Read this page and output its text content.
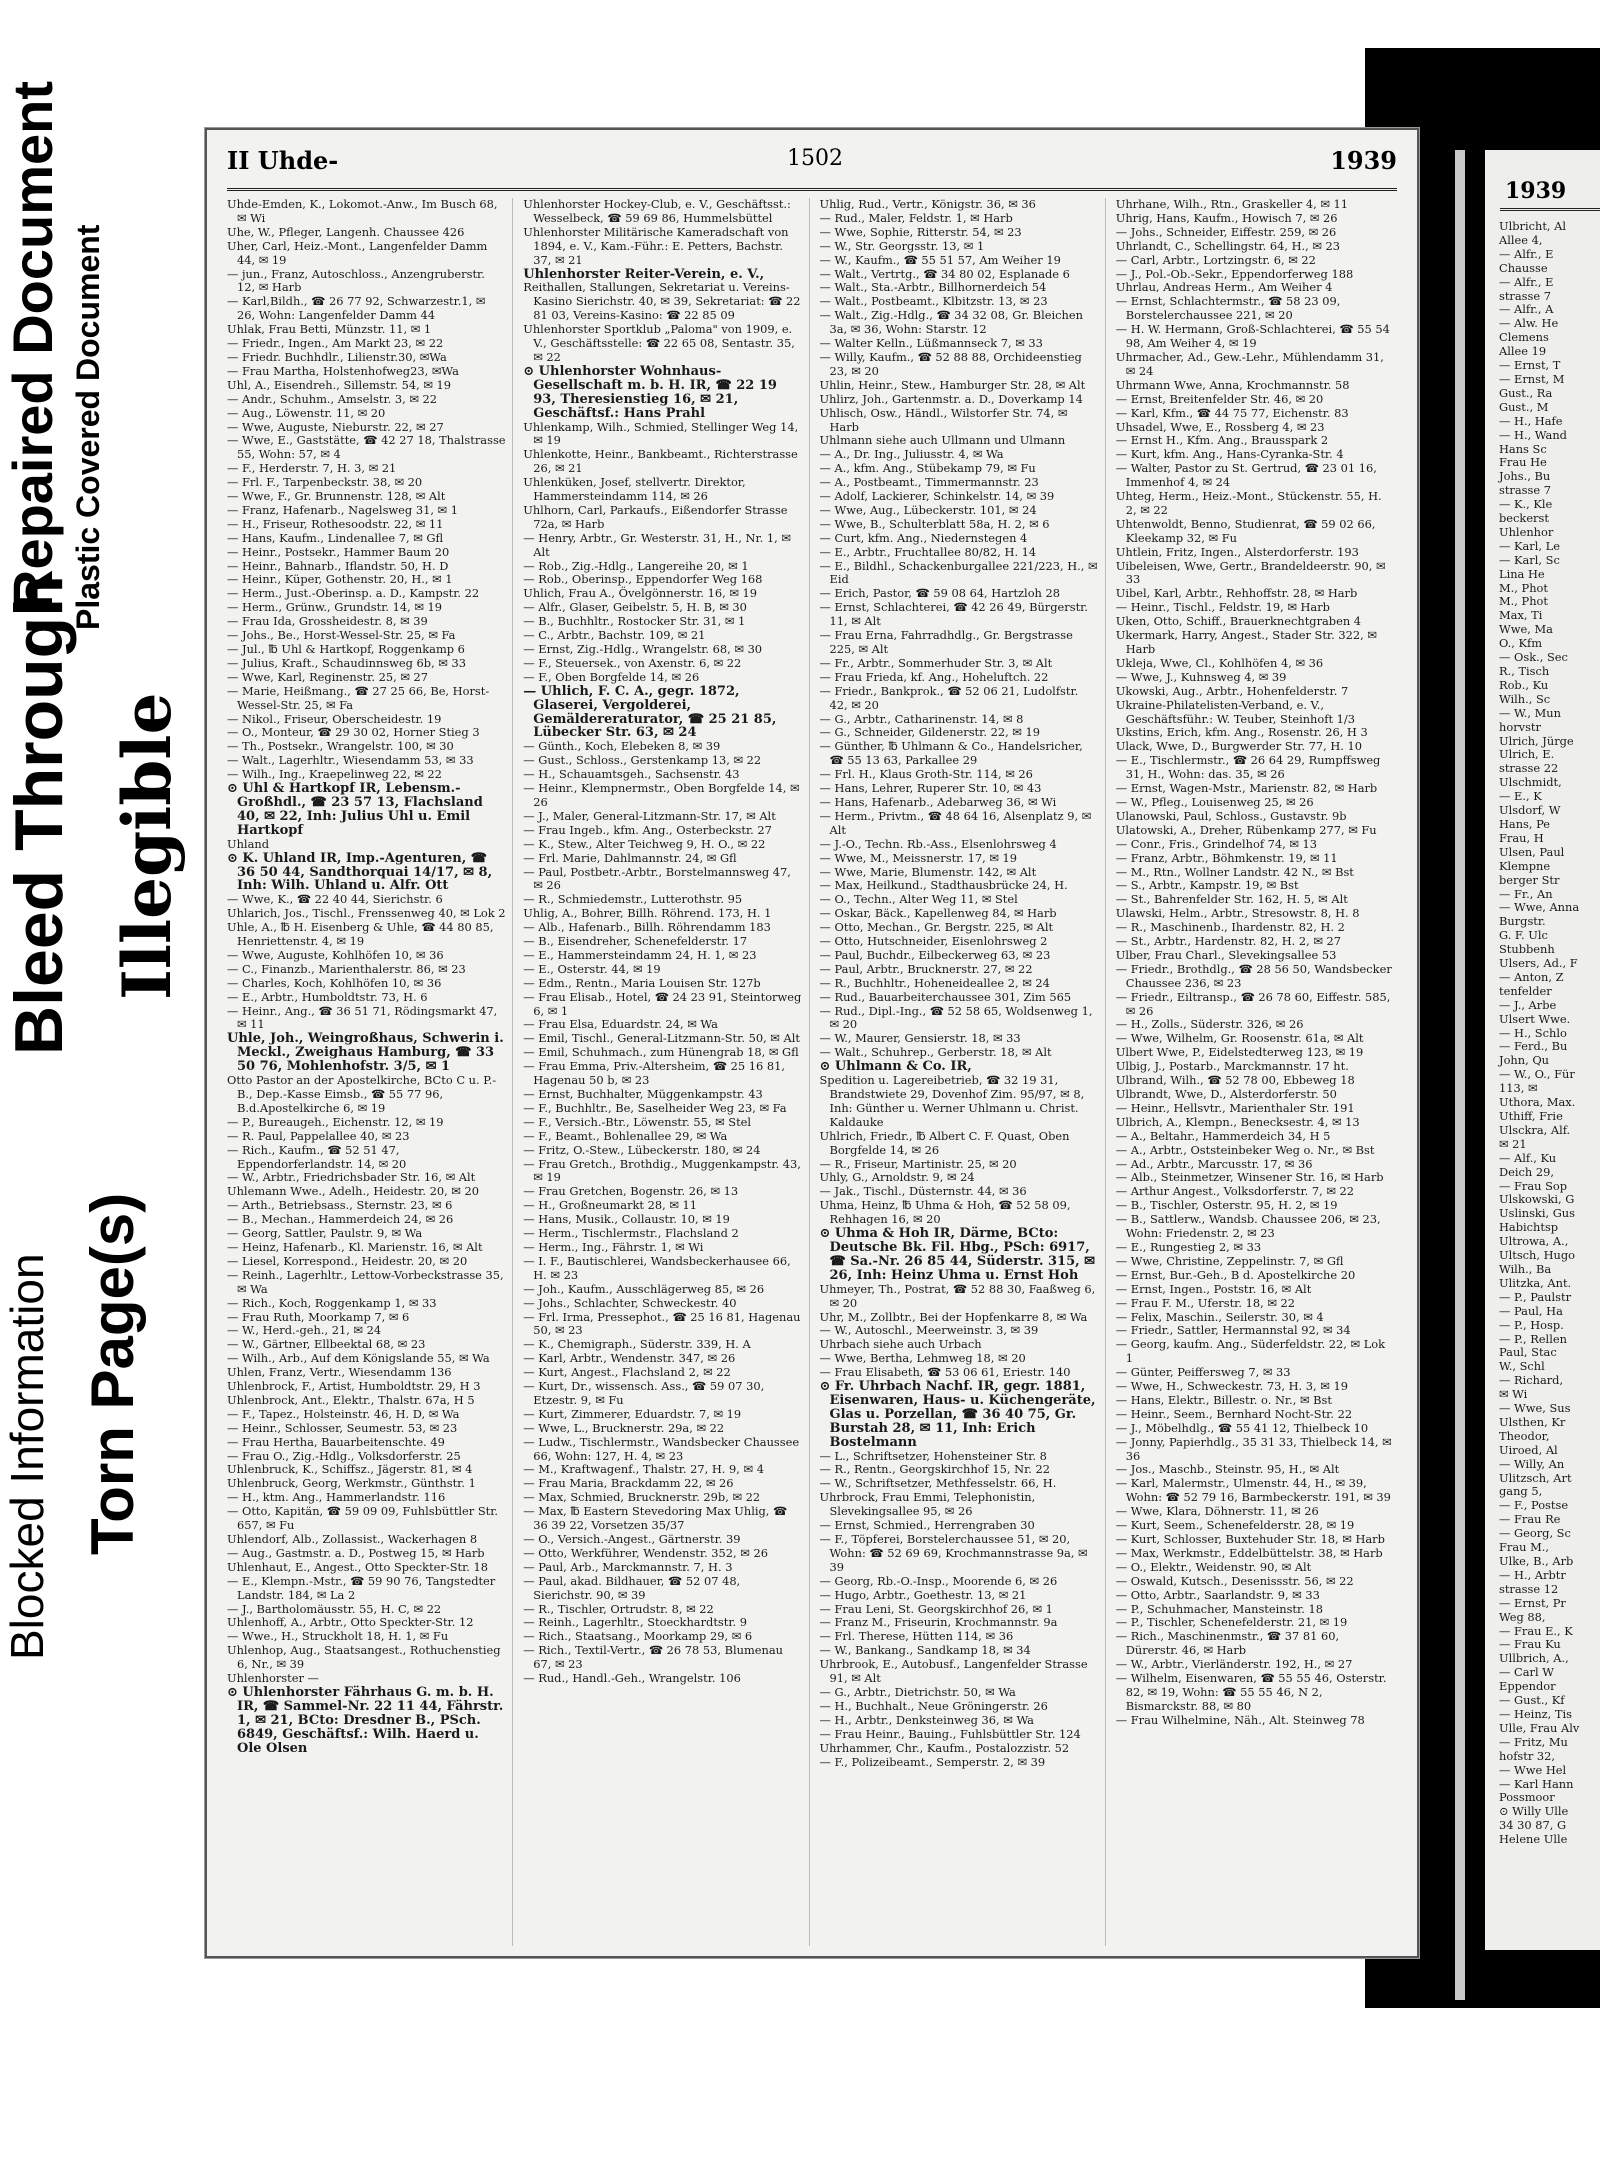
Blocked Information Torn Page(s)
Bleed Through Illegible
Repaired Document Plastic Covered Document
II Uhde-	1502	1939
Uhde-Emden, K., Lokomot.-Anw., Im Busch 68, ✉ Wi
Uhe, W., Pfleger, Langenh. Chaussee 426
Uher, Carl, Heiz.-Mont., Langenfelder Damm 44, ✉ 19
— jun., Franz, Autoschloss., Anzengruberstr. 12, ✉ Harb
— Karl,Bildh., ☎ 26 77 92, Schwarzestr.1, ✉ 26, Wohn: Langenfelder Damm 44
Uhlak, Frau Betti, Münzstr. 11, ✉ 1
— Friedr., Ingen., Am Markt 23, ✉ 22
— Friedr. Buchhdlr., Lilienstr.30, ✉Wa
— Frau Martha, Holstenhofweg23, ✉Wa
Uhl, A., Eisendreh., Sillemstr. 54, ✉ 19
— Andr., Schuhm., Amselstr. 3, ✉ 22
— Aug., Löwenstr. 11, ✉ 20
— Wwe, Auguste, Nieburstr. 22, ✉ 27
— Wwe, E., Gaststätte, ☎ 42 27 18, Thalstrasse 55, Wohn: 57, ✉ 4
— F., Herderstr. 7, H. 3, ✉ 21
— Frl. F., Tarpenbeckstr. 38, ✉ 20
— Wwe, F., Gr. Brunnenstr. 128, ✉ Alt
— Franz, Hafenarb., Nagelsweg 31, ✉ 1
— H., Friseur, Rothesoodstr. 22, ✉ 11
— Hans, Kaufm., Lindenallee 7, ✉ Gfl
— Heinr., Postsekr., Hammer Baum 20
— Heinr., Bahnarb., Iflandstr. 50, H. D
— Heinr., Küper, Gothenstr. 20, H., ✉ 1
— Herm., Just.-Oberinsp. a. D., Kampstr. 22
— Herm., Grünw., Grundstr. 14, ✉ 19
— Frau Ida, Grossheidestr. 8, ✉ 39
— Johs., Be., Horst-Wessel-Str. 25, ✉ Fa
— Jul., ℔ Uhl & Hartkopf, Roggenkamp 6
— Julius, Kraft., Schaudinnsweg 6b, ✉ 33
— Wwe, Karl, Reginenstr. 25, ✉ 27
— Marie, Heißmang., ☎ 27 25 66, Be, Horst-Wessel-Str. 25, ✉ Fa
— Nikol., Friseur, Oberscheidestr. 19
— O., Monteur, ☎ 29 30 02, Horner Stieg 3
— Th., Postsekr., Wrangelstr. 100, ✉ 30
— Walt., Lagerhltr., Wiesendamm 53, ✉ 33
— Wilh., Ing., Kraepelinweg 22, ✉ 22
⊙ Uhl & Hartkopf IR, Lebensm.-Großhdl., ☎ 23 57 13, Flachsland 40, ✉ 22, Inh: Julius Uhl u. Emil Hartkopf
Uhland
⊙ K. Uhland IR, Imp.-Agenturen, ☎ 36 50 44, Sandthorquai 14/17, ✉ 8, Inh: Wilh. Uhland u. Alfr. Ott
— Wwe, K., ☎ 22 40 44, Sierichstr. 6
Uhlarich, Jos., Tischl., Frenssenweg 40, ✉ Lok 2
Uhle, A., ℔ H. Eisenberg & Uhle, ☎ 44 80 85, Henriettenstr. 4, ✉ 19
— Wwe, Auguste, Kohlhöfen 10, ✉ 36
— C., Finanzb., Marienthalerstr. 86, ✉ 23
— Charles, Koch, Kohlhöfen 10, ✉ 36
— E., Arbtr., Humboldtstr. 73, H. 6
— Heinr., Ang., ☎ 36 51 71, Rödingsmarkt 47, ✉ 11
Uhle, Joh., Weingroßhaus, Schwerin i. Meckl., Zweighaus Hamburg, ☎ 33 50 76, Mohlenhofstr. 3/5, ✉ 1
Otto Pastor an der Apostelkirche, BCto C u. P.-B., Dep.-Kasse Eimsb., ☎ 55 77 96, B.d.Apostelkirche 6, ✉ 19
— P., Bureaugeh., Eichenstr. 12, ✉ 19
— R. Paul, Pappelallee 40, ✉ 23
— Rich., Kaufm., ☎ 52 51 47, Eppendorferlandstr. 14, ✉ 20
— W., Arbtr., Friedrichsbader Str. 16, ✉ Alt
Uhlemann Wwe., Adelh., Heidestr. 20, ✉ 20
— Arth., Betriebsass., Sternstr. 23, ✉ 6
— B., Mechan., Hammerdeich 24, ✉ 26
— Georg, Sattler, Paulstr. 9, ✉ Wa
— Heinz, Hafenarb., Kl. Marienstr. 16, ✉ Alt
— Liesel, Korrespond., Heidestr. 20, ✉ 20
— Reinh., Lagerhltr., Lettow-Vorbeckstrasse 35, ✉ Wa
— Rich., Koch, Roggenkamp 1, ✉ 33
— Frau Ruth, Moorkamp 7, ✉ 6
— W., Herd.-geh., 21, ✉ 24
— W., Gärtner, Ellbeektal 68, ✉ 23
— Wilh., Arb., Auf dem Königslande 55, ✉ Wa
Uhlen, Franz, Vertr., Wiesendamm 136
Uhlenbrock, F., Artist, Humboldtstr. 29, H 3
Uhlenbrock, Ant., Elektr., Thalstr. 67a, H 5
— F., Tapez., Holsteinstr. 46, H. D, ✉ Wa
— Heinr., Schlosser, Seumestr. 53, ✉ 23
— Frau Hertha, Bauarbeitenschte. 49
— Frau O., Zig.-Hdlg., Volksdorferstr. 25
Uhlenbruck, K., Schiffsz., Jägerstr. 81, ✉ 4
Uhlenbruck, Georg, Werkmstr., Günthstr. 1
— H., ktm. Ang., Hammerlandstr. 116
— Otto, Kapitän, ☎ 59 09 09, Fuhlsbüttler Str. 657, ✉ Fu
Uhlendorf, Alb., Zollassist., Wackerhagen 8
— Aug., Gastmstr. a. D., Postweg 15, ✉ Harb
Uhlenhaut, E., Angest., Otto Speckter-Str. 18
— E., Klempn.-Mstr., ☎ 59 90 76, Tangstedter Landstr. 184, ✉ La 2
— J., Bartholomäusstr. 55, H. C, ✉ 22
Uhlenhoff, A., Arbtr., Otto Speckter-Str. 12
— Wwe., H., Struckholt 18, H. 1, ✉ Fu
Uhlenhop, Aug., Staatsangest., Rothuchenstieg 6, Nr., ✉ 39
Uhlenhorster —
⊙ Uhlenhorster Fährhaus G. m. b. H. IR, ☎ Sammel-Nr. 22 11 44, Fährstr. 1, ✉ 21, BCto: Dresdner B., PSch. 6849, Geschäftsf.: Wilh. Haerd u. Ole Olsen
Uhlenhorster Hockey-Club, e. V., Geschäftsst.: Wesselbeck, ☎ 59 69 86, Hummelsbüttel
Uhlenhorster Militärische Kameradschaft von 1894, e. V., Kam.-Führ.: E. Petters, Bachstr. 37, ✉ 21
Uhlenhorster Reiter-Verein, e. V.,
Reithallen, Stallungen, Sekretariat u. Vereins-Kasino Sierichstr. 40, ✉ 39, Sekretariat: ☎ 22 81 03, Vereins-Kasino: ☎ 22 85 09
Uhlenhorster Sportklub „Paloma" von 1909, e. V., Geschäftsstelle: ☎ 22 65 08, Sentastr. 35, ✉ 22
⊙ Uhlenhorster Wohnhaus-Gesellschaft m. b. H. IR, ☎ 22 19 93, Theresienstieg 16, ✉ 21, Geschäftsf.: Hans Prahl
Uhlenkamp, Wilh., Schmied, Stellinger Weg 14, ✉ 19
Uhlenkotte, Heinr., Bankbeamt., Richterstrasse 26, ✉ 21
Uhlenküken, Josef, stellvertr. Direktor, Hammersteindamm 114, ✉ 26
Uhlhorn, Carl, Parkaufs., Eißendorfer Strasse 72a, ✉ Harb
— Henry, Arbtr., Gr. Westerstr. 31, H., Nr. 1, ✉ Alt
— Rob., Zig.-Hdlg., Langereihe 20, ✉ 1
— Rob., Oberinsp., Eppendorfer Weg 168
Uhlich, Frau A., Övelgönnerstr. 16, ✉ 19
— Alfr., Glaser, Geibelstr. 5, H. B, ✉ 30
— B., Buchhltr., Rostocker Str. 31, ✉ 1
— C., Arbtr., Bachstr. 109, ✉ 21
— Ernst, Zig.-Hdlg., Wrangelstr. 68, ✉ 30
— F., Steuersek., von Axenstr. 6, ✉ 22
— F., Oben Borgfelde 14, ✉ 26
— Uhlich, F. C. A., gegr. 1872, Glaserei, Vergolderei, Gemäldereraturator, ☎ 25 21 85, Lübecker Str. 63, ✉ 24
— Günth., Koch, Elebeken 8, ✉ 39
— Gust., Schloss., Gerstenkamp 13, ✉ 22
— H., Schauamtsgeh., Sachsenstr. 43
— Heinr., Klempnermstr., Oben Borgfelde 14, ✉ 26
— J., Maler, General-Litzmann-Str. 17, ✉ Alt
— Frau Ingeb., kfm. Ang., Osterbeckstr. 27
— K., Stew., Alter Teichweg 9, H. O., ✉ 22
— Frl. Marie, Dahlmannstr. 24, ✉ Gfl
— Paul, Postbetr.-Arbtr., Borstelmannsweg 47, ✉ 26
— R., Schmiedemstr., Lutterothstr. 95
Uhlig, A., Bohrer, Billh. Röhrend. 173, H. 1
— Alb., Hafenarb., Billh. Röhrendamm 183
— B., Eisendreher, Schenefelderstr. 17
— E., Hammersteindamm 24, H. 1, ✉ 23
— E., Osterstr. 44, ✉ 19
— Edm., Rentn., Maria Louisen Str. 127b
— Frau Elisab., Hotel, ☎ 24 23 91, Steintorweg 6, ✉ 1
— Frau Elsa, Eduardstr. 24, ✉ Wa
— Emil, Tischl., General-Litzmann-Str. 50, ✉ Alt
— Emil, Schuhmach., zum Hünengrab 18, ✉ Gfl
— Frau Emma, Priv.-Altersheim, ☎ 25 16 81, Hagenau 50 b, ✉ 23
— Ernst, Buchhalter, Müggenkampstr. 43
— F., Buchhltr., Be, Saselheider Weg 23, ✉ Fa
— F., Versich.-Btr., Löwenstr. 55, ✉ Stel
— F., Beamt., Bohlenallee 29, ✉ Wa
— Fritz, O.-Stew., Lübeckerstr. 180, ✉ 24
— Frau Gretch., Brothdig., Muggenkampstr. 43, ✉ 19
— Frau Gretchen, Bogenstr. 26, ✉ 13
— H., Großneumarkt 28, ✉ 11
— Hans, Musik., Collaustr. 10, ✉ 19
— Herm., Tischlermstr., Flachsland 2
— Herm., Ing., Fährstr. 1, ✉ Wi
— I. F., Bautischlerei, Wandsbeckerhausee 66, H. ✉ 23
— Joh., Kaufm., Ausschlägerweg 85, ✉ 26
— Johs., Schlachter, Schweckestr. 40
— Frl. Irma, Pressephot., ☎ 25 16 81, Hagenau 50, ✉ 23
— K., Chemigraph., Süderstr. 339, H. A
— Karl, Arbtr., Wendenstr. 347, ✉ 26
— Kurt, Angest., Flachsland 2, ✉ 22
— Kurt, Dr., wissensch. Ass., ☎ 59 07 30, Etzestr. 9, ✉ Fu
— Kurt, Zimmerer, Eduardstr. 7, ✉ 19
— Wwe, L., Brucknerstr. 29a, ✉ 22
— Ludw., Tischlermstr., Wandsbecker Chaussee 66, Wohn: 127, H. 4, ✉ 23
— M., Kraftwagenf., Thalstr. 27, H. 9, ✉ 4
— Frau Maria, Brackdamm 22, ✉ 26
— Max, Schmied, Brucknerstr. 29b, ✉ 22
— Max, ℔ Eastern Stevedoring Max Uhlig, ☎ 36 39 22, Vorsetzen 35/37
— O., Versich.-Angest., Gärtnerstr. 39
— Otto, Werkführer, Wendenstr. 352, ✉ 26
— Paul, Arb., Marckmannstr. 7, H. 3
— Paul, akad. Bildhauer, ☎ 52 07 48, Sierichstr. 90, ✉ 39
— R., Tischler, Ortrudstr. 8, ✉ 22
— Reinh., Lagerhltr., Stoeckhardtstr. 9
— Rich., Staatsang., Moorkamp 29, ✉ 6
— Rich., Textil-Vertr., ☎ 26 78 53, Blumenau 67, ✉ 23
— Rud., Handl.-Geh., Wrangelstr. 106
Uhlig, Rud., Vertr., Königstr. 36, ✉ 36
— Rud., Maler, Feldstr. 1, ✉ Harb
— Wwe, Sophie, Ritterstr. 54, ✉ 23
— W., Str. Georgsstr. 13, ✉ 1
— W., Kaufm., ☎ 55 51 57, Am Weiher 19
— Walt., Vertrtg., ☎ 34 80 02, Esplanade 6
— Walt., Sta.-Arbtr., Billhornerdeich 54
— Walt., Postbeamt., Klbitzstr. 13, ✉ 23
— Walt., Zig.-Hdlg., ☎ 34 32 08, Gr. Bleichen 3a, ✉ 36, Wohn: Starstr. 12
— Walter Kelln., Lüßmannseck 7, ✉ 33
— Willy, Kaufm., ☎ 52 88 88, Orchideenstieg 23, ✉ 20
Uhlin, Heinr., Stew., Hamburger Str. 28, ✉ Alt
Uhlirz, Joh., Gartenmstr. a. D., Doverkamp 14
Uhlisch, Osw., Händl., Wilstorfer Str. 74, ✉ Harb
Uhlmann siehe auch Ullmann und Ulmann
— A., Dr. Ing., Juliusstr. 4, ✉ Wa
— A., kfm. Ang., Stübekamp 79, ✉ Fu
— A., Postbeamt., Timmermannstr. 23
— Adolf, Lackierer, Schinkelstr. 14, ✉ 39
— Wwe, Aug., Lübeckerstr. 101, ✉ 24
— Wwe, B., Schulterblatt 58a, H. 2, ✉ 6
— Curt, kfm. Ang., Niedernstegen 4
— E., Arbtr., Fruchtallee 80/82, H. 14
— E., Bildhl., Schackenburgallee 221/223, H., ✉ Eid
— Erich, Pastor, ☎ 59 08 64, Hartzloh 28
— Ernst, Schlachterei, ☎ 42 26 49, Bürgerstr. 11, ✉ Alt
— Frau Erna, Fahrradhdlg., Gr. Bergstrasse 225, ✉ Alt
— Fr., Arbtr., Sommerhuder Str. 3, ✉ Alt
— Frau Frieda, kf. Ang., Hoheluftch. 22
— Friedr., Bankprok., ☎ 52 06 21, Ludolfstr. 42, ✉ 20
— G., Arbtr., Catharinenstr. 14, ✉ 8
— G., Schneider, Gildenerstr. 22, ✉ 19
— Günther, ℔ Uhlmann & Co., Handelsricher, ☎ 55 13 63, Parkallee 29
— Frl. H., Klaus Groth-Str. 114, ✉ 26
— Hans, Lehrer, Ruperer Str. 10, ✉ 43
— Hans, Hafenarb., Adebarweg 36, ✉ Wi
— Herm., Privtm., ☎ 48 64 16, Alsenplatz 9, ✉ Alt
— J.-O., Techn. Rb.-Ass., Elsenlohrsweg 4
— Wwe, M., Meissnerstr. 17, ✉ 19
— Wwe, Marie, Blumenstr. 142, ✉ Alt
— Max, Heilkund., Stadthausbrücke 24, H.
— O., Techn., Alter Weg 11, ✉ Stel
— Oskar, Bäck., Kapellenweg 84, ✉ Harb
— Otto, Mechan., Gr. Bergstr. 225, ✉ Alt
— Otto, Hutschneider, Eisenlohrsweg 2
— Paul, Buchdr., Eilbeckerweg 63, ✉ 23
— Paul, Arbtr., Brucknerstr. 27, ✉ 22
— R., Buchhltr., Hoheneideallee 2, ✉ 24
— Rud., Bauarbeiterchaussee 301, Zim 565
— Rud., Dipl.-Ing., ☎ 52 58 65, Woldsenweg 1, ✉ 20
— W., Maurer, Gensierstr. 18, ✉ 33
— Walt., Schuhrep., Gerberstr. 18, ✉ Alt
⊙ Uhlmann & Co. IR,
Spedition u. Lagereibetrieb, ☎ 32 19 31, Brandstwiete 29, Dovenhof Zim. 95/97, ✉ 8, Inh: Günther u. Werner Uhlmann u. Christ. Kaldauke
Uhlrich, Friedr., ℔ Albert C. F. Quast, Oben Borgfelde 14, ✉ 26
— R., Friseur, Martinistr. 25, ✉ 20
Uhly, G., Arnoldstr. 9, ✉ 24
— Jak., Tischl., Düsternstr. 44, ✉ 36
Uhma, Heinz, ℔ Uhma & Hoh, ☎ 52 58 09, Rehhagen 16, ✉ 20
⊙ Uhma & Hoh IR, Därme, BCto: Deutsche Bk. Fil. Hbg., PSch: 6917, ☎ Sa.-Nr. 26 85 44, Süderstr. 315, ✉ 26, Inh: Heinz Uhma u. Ernst Hoh
Uhmeyer, Th., Postrat, ☎ 52 88 30, Faaßweg 6, ✉ 20
Uhr, M., Zollbtr., Bei der Hopfenkarre 8, ✉ Wa
— W., Autoschl., Meerweinstr. 3, ✉ 39
Uhrbach siehe auch Urbach
— Wwe, Bertha, Lehmweg 18, ✉ 20
— Frau Elisabeth, ☎ 53 06 61, Eriestr. 140
⊙ Fr. Uhrbach Nachf. IR, gegr. 1881, Eisenwaren, Haus- u. Küchengeräte, Glas u. Porzellan, ☎ 36 40 75, Gr. Burstah 28, ✉ 11, Inh: Erich Bostelmann
— L., Schriftsetzer, Hohensteiner Str. 8
— R., Rentn., Georgskirchhof 15, Nr. 22
— W., Schriftsetzer, Methfesselstr. 66, H.
Uhrbrock, Frau Emmi, Telephonistin, Slevekingsallee 95, ✉ 26
— Ernst, Schmied., Herrengraben 30
— F., Töpferei, Borstelerchaussee 51, ✉ 20, Wohn: ☎ 52 69 69, Krochmannstrasse 9a, ✉ 39
— Georg, Rb.-O.-Insp., Moorende 6, ✉ 26
— Hugo, Arbtr., Goethestr. 13, ✉ 21
— Frau Leni, St. Georgskirchhof 26, ✉ 1
— Franz M., Friseurin, Krochmannstr. 9a
— Frl. Therese, Hütten 114, ✉ 36
— W., Bankang., Sandkamp 18, ✉ 34
Uhrbrook, E., Autobusf., Langenfelder Strasse 91, ✉ Alt
— G., Arbtr., Dietrichstr. 50, ✉ Wa
— H., Buchhalt., Neue Gröningerstr. 26
— H., Arbtr., Denksteinweg 36, ✉ Wa
— Frau Heinr., Bauing., Fuhlsbüttler Str. 124
Uhrhammer, Chr., Kaufm., Postalozzistr. 52
— F., Polizeibeamt., Semperstr. 2, ✉ 39
Uhrhane, Wilh., Rtn., Graskeller 4, ✉ 11
Uhrig, Hans, Kaufm., Howisch 7, ✉ 26
— Johs., Schneider, Eiffestr. 259, ✉ 26
Uhrlandt, C., Schellingstr. 64, H., ✉ 23
— Carl, Arbtr., Lortzingstr. 6, ✉ 22
— J., Pol.-Ob.-Sekr., Eppendorferweg 188
Uhrlau, Andreas Herm., Am Weiher 4
— Ernst, Schlachtermstr., ☎ 58 23 09, Borstelerchaussee 221, ✉ 20
— H. W. Hermann, Groß-Schlachterei, ☎ 55 54 98, Am Weiher 4, ✉ 19
Uhrmacher, Ad., Gew.-Lehr., Mühlendamm 31, ✉ 24
Uhrmann Wwe, Anna, Krochmannstr. 58
— Ernst, Breitenfelder Str. 46, ✉ 20
— Karl, Kfm., ☎ 44 75 77, Eichenstr. 83
Uhsadel, Wwe, E., Rossberg 4, ✉ 23
— Ernst H., Kfm. Ang., Brausspark 2
— Kurt, kfm. Ang., Hans-Cyranka-Str. 4
— Walter, Pastor zu St. Gertrud, ☎ 23 01 16, Immenhof 4, ✉ 24
Uhteg, Herm., Heiz.-Mont., Stückenstr. 55, H. 2, ✉ 22
Uhtenwoldt, Benno, Studienrat, ☎ 59 02 66, Kleekamp 32, ✉ Fu
Uhtlein, Fritz, Ingen., Alsterdorferstr. 193
Uibeleisen, Wwe, Gertr., Brandeldeerstr. 90, ✉ 33
Uibel, Karl, Arbtr., Rehhoffstr. 28, ✉ Harb
— Heinr., Tischl., Feldstr. 19, ✉ Harb
Uken, Otto, Schiff., Brauerknechtgraben 4
Ukermark, Harry, Angest., Stader Str. 322, ✉ Harb
Ukleja, Wwe, Cl., Kohlhöfen 4, ✉ 36
— Wwe, J., Kuhnsweg 4, ✉ 39
Ukowski, Aug., Arbtr., Hohenfelderstr. 7
Ukraine-Philatelisten-Verband, e. V., Geschäftsführ.: W. Teuber, Steinhoft 1/3
Ukstins, Erich, kfm. Ang., Rosenstr. 26, H 3
Ulack, Wwe, D., Burgwerder Str. 77, H. 10
— E., Tischlermstr., ☎ 26 64 29, Rumpffsweg 31, H., Wohn: das. 35, ✉ 26
— Ernst, Wagen-Mstr., Marienstr. 82, ✉ Harb
— W., Pfleg., Louisenweg 25, ✉ 26
Ulanowski, Paul, Schloss., Gustavstr. 9b
Ulatowski, A., Dreher, Rübenkamp 277, ✉ Fu
— Conr., Fris., Grindelhof 74, ✉ 13
— Franz, Arbtr., Böhmkenstr. 19, ✉ 11
— M., Rtn., Wollner Landstr. 42 N., ✉ Bst
— S., Arbtr., Kampstr. 19, ✉ Bst
— St., Bahrenfelder Str. 162, H. 5, ✉ Alt
Ulawski, Helm., Arbtr., Stresowstr. 8, H. 8
— R., Maschinenb., Ihardenstr. 82, H. 2
— St., Arbtr., Hardenstr. 82, H. 2, ✉ 27
Ulber, Frau Charl., Slevekingsallee 53
— Friedr., Brothdlg., ☎ 28 56 50, Wandsbecker Chaussee 236, ✉ 23
— Friedr., Eiltransp., ☎ 26 78 60, Eiffestr. 585, ✉ 26
— H., Zolls., Süderstr. 326, ✉ 26
— Wwe, Wilhelm, Gr. Roosenstr. 61a, ✉ Alt
Ulbert Wwe, P., Eidelstedterweg 123, ✉ 19
Ulbig, J., Postarb., Marckmannstr. 17 ht.
Ulbrand, Wilh., ☎ 52 78 00, Ebbeweg 18
Ulbrandt, Wwe, D., Alsterdorferstr. 50
— Heinr., Hellsvtr., Marienthaler Str. 191
Ulbrich, A., Klempn., Benecksestr. 4, ✉ 13
— A., Beltahr., Hammerdeich 34, H 5
— A., Arbtr., Oststeinbeker Weg o. Nr., ✉ Bst
— Ad., Arbtr., Marcusstr. 17, ✉ 36
— Alb., Steinmetzer, Winsener Str. 16, ✉ Harb
— Arthur Angest., Volksdorferstr. 7, ✉ 22
— B., Tischler, Osterstr. 95, H. 2, ✉ 19
— B., Sattlerw., Wandsb. Chaussee 206, ✉ 23, Wohn: Friedenstr. 2, ✉ 23
— E., Rungestieg 2, ✉ 33
— Wwe, Christine, Zeppelinstr. 7, ✉ Gfl
— Ernst, Bur.-Geh., B d. Apostelkirche 20
— Ernst, Ingen., Poststr. 16, ✉ Alt
— Frau F. M., Uferstr. 18, ✉ 22
— Felix, Maschin., Seilerstr. 30, ✉ 4
— Friedr., Sattler, Hermannstal 92, ✉ 34
— Georg, kaufm. Ang., Süderfeldstr. 22, ✉ Lok 1
— Günter, Peiffersweg 7, ✉ 33
— Wwe, H., Schweckestr. 73, H. 3, ✉ 19
— Hans, Elektr., Billestr. o. Nr., ✉ Bst
— Heinr., Seem., Bernhard Nocht-Str. 22
— J., Möbelhdlg., ☎ 55 41 12, Thielbeck 10
— Jonny, Papierhdlg., 35 31 33, Thielbeck 14, ✉ 36
— Jos., Maschb., Steinstr. 95, H., ✉ Alt
— Karl, Malermstr., Ulmenstr. 44, H., ✉ 39, Wohn: ☎ 52 79 16, Barmbeckerstr. 191, ✉ 39
— Wwe, Klara, Döhnerstr. 11, ✉ 26
— Kurt, Seem., Schenefelderstr. 28, ✉ 19
— Kurt, Schlosser, Buxtehuder Str. 18, ✉ Harb
— Max, Werkmstr., Eddelbüttelstr. 38, ✉ Harb
— O., Elektr., Weidenstr. 90, ✉ Alt
— Oswald, Kutsch., Desenissstr. 56, ✉ 22
— Otto, Arbtr., Saarlandstr. 9, ✉ 33
— P., Schuhmacher, Mansteinstr. 18
— P., Tischler, Schenefelderstr. 21, ✉ 19
— Rich., Maschinenmstr., ☎ 37 81 60, Dürerstr. 46, ✉ Harb
— W., Arbtr., Vierländerstr. 192, H., ✉ 27
— Wilhelm, Eisenwaren, ☎ 55 55 46, Osterstr. 82, ✉ 19, Wohn: ☎ 55 55 46, N 2, Bismarckstr. 88, ✉ 80
— Frau Wilhelmine, Näh., Alt. Steinweg 78
1939
Ulbricht, Al
Allee 4,
— Alfr., E
Chausse
— Alfr., E
strasse 7
— Alfr., A
— Alw. He
Clemens
Allee 19
— Ernst, T
— Ernst, M
Gust., Ra
Gust., M
— H., Hafe
— H., Wand
Hans Sc
Frau He
Johs., Bu
strasse 7
— K., Kle
beckerst
Uhlenhor
— Karl, Le
— Karl, Sc
Lina He
M., Phot
M., Phot
Max, Ti
Wwe, Ma
O., Kfm
— Osk., Sec
R., Tisch
Rob., Ku
Wilh., Sc
— W., Mun
horvstr
Ulrich, Jürge
Ulrich, E.
strasse 22
Ulschmidt,
— E., K
Ulsdorf, W
Hans, Pe
Frau, H
Ulsen, Paul
Klempne
berger Str
— Fr., An
— Wwe, Anna
Burgstr.
G. F. Ulc
Stubbenh
Ulsers, Ad., F
— Anton, Z
tenfelder
— J., Arbe
Ulsert Wwe.
— H., Schlo
— Ferd., Bu
John, Qu
— W., O., Für
113, ✉
Uthora, Max.
Uthiff, Frie
Ulsckra, Alf.
✉ 21
— Alf., Ku
Deich 29,
— Frau Sop
Ulskowski, G
Uslinski, Gus
Habichtsp
Ultrowa, A.,
Ultsch, Hugo
Wilh., Ba
Ulitzka, Ant.
— P., Paulstr
— Paul, Ha
— P., Hosp.
— P., Rellen
Paul, Stac
W., Schl
— Richard,
✉ Wi
— Wwe, Sus
Ulsthen, Kr
Theodor,
Uiroed, Al
— Willy, An
Ulitzsch, Art
gang 5,
— F., Postse
— Frau Re
— Georg, Sc
Frau M.,
Ulke, B., Arb
— H., Arbtr
strasse 12
— Ernst, Pr
Weg 88,
— Frau E., K
— Frau Ku
Ullbrich, A.,
— Carl W
Eppendor
— Gust., Kf
— Heinz, Tis
Ulle, Frau Alv
— Fritz, Mu
hofstr 32,
— Wwe Hel
— Karl Hann
Possmoor
⊙ Willy Ulle
34 30 87, G
Helene Ulle
